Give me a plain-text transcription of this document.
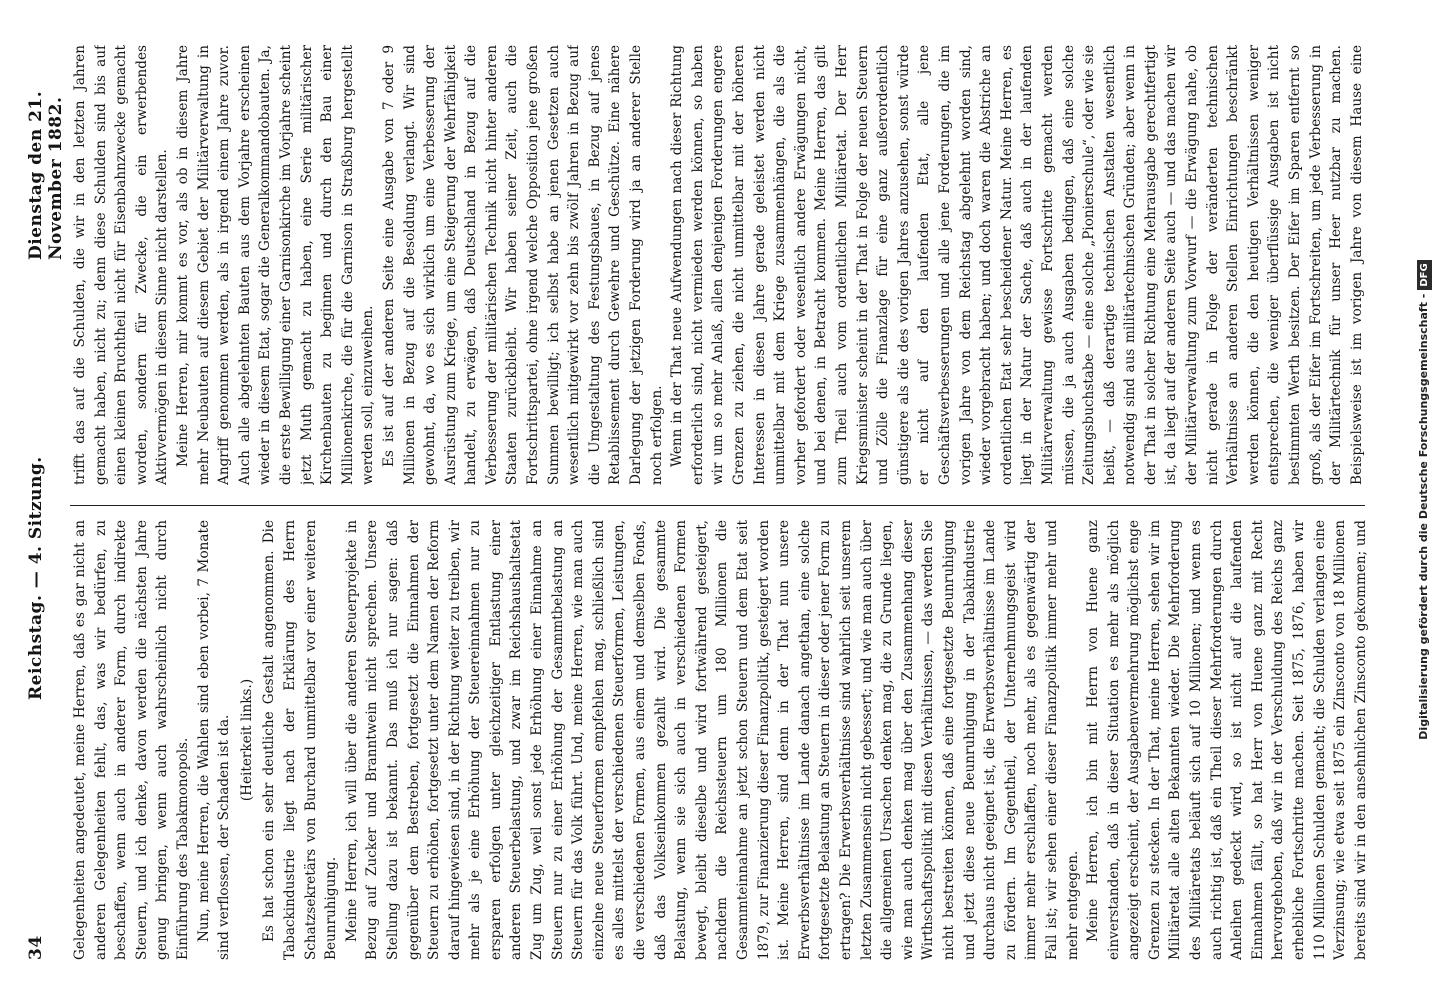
34
Reichstag. — 4. Sitzung.
Dienstag den 21. November 1882.

Gelegenheiten angedeutet, meine Herren, daß es gar nicht an anderen Gelegenheiten fehlt, das, was wir bedürfen, zu beschaffen, wenn auch in anderer Form, durch indirekte Steuern, und ich denke, davon werden die nächsten Jahre genug bringen, wenn auch wahrscheinlich nicht durch Einführung des Tabakmonopols. Nun, meine Herren, die Wahlen sind eben vorbei, 7 Monate sind verflossen, der Schaden ist da. (Heiterkeit links.) Es hat schon ein sehr deutliche Gestalt angenommen. Die Tabackindustrie liegt nach der Erklärung des Herrn Schatzsekretärs von Burchard unmittelbar vor einer weiteren Beunruhigung. Meine Herren, ich will über die anderen Steuerprojekte in Bezug auf Zucker und Branntwein nicht sprechen. Unsere Stellung dazu ist bekannt. Das muß ich nur sagen: daß gegenüber dem Bestreben, fortgesetzt die Einnahmen der Steuern zu erhöhen, fortgesetzt unter dem Namen der Reform darauf hingewiesen sind, in der Richtung weiter zu treiben, wir mehr als je eine Erhöhung der Steuereinnahmen nur zu ersparen erfolgen unter gleichzeitiger Entlastung einer anderen Steuerbelastung, und zwar im Reichshaushaltsetat Zug um Zug, weil sonst jede Erhöhung einer Einnahme an Steuern nur zu einer Erhöhung der Gesammtbelastung an Steuern für das Volk führt. Und, meine Herren, wie man auch einzelne neue Steuerformen empfehlen mag, schließlich sind es alles mittelst der verschiedenen Steuerformen, Leistungen, die verschiedenen Formen, aus einem und demselben Fonds, daß das Volkseinkommen gezahlt wird. Die gesammte Belastung, wenn sie sich auch in verschiedenen Formen bewegt, bleibt dieselbe und wird fortwährend gesteigert, nachdem die Reichssteuern um 180 Millionen die Gesammteinnahme an jetzt schon Steuern und dem Etat seit 1879, zur Finanzierung dieser Finanzpolitik, gesteigert worden ist. Meine Herren, sind denn in der That nun unsere Erwerbsverhältnisse im Lande danach angethan, eine solche fortgesetzte Belastung an Steuern in dieser oder jener Form zu ertragen? Die Erwerbsverhältnisse sind wahrlich seit unserem letzten Zusammensein nicht gebessert; und wie man auch über die allgemeinen Ursachen denken mag, die zu Grunde liegen, wie man auch denken mag über den Zusammenhang dieser Wirthschaftspolitik mit diesen Verhältnissen, — das werden Sie nicht bestreiten können, daß eine fortgesetzte Beunruhigung und jetzt diese neue Beunruhigung in der Tabakindustrie durchaus nicht geeignet ist, die Erwerbsverhältnisse im Lande zu fördern. Im Gegentheil, der Unternehmungsgeist wird immer mehr erschlaffen, noch mehr, als es gegenwärtig der Fall ist; wir sehen einer dieser Finanzpolitik immer mehr und mehr entgegen. Meine Herren, ich bin mit Herrn von Huene ganz einverstanden, daß in dieser Situation es mehr als möglich angezeigt erscheint, der Ausgabenvermehrung möglichst enge Grenzen zu stecken. In der That, meine Herren, sehen wir im Militäretat alle alten Bekannten wieder. Die Mehrforderung des Militäretats beläuft sich auf 10 Millionen; und wenn es auch richtig ist, daß ein Theil dieser Mehrforderungen durch Anleihen gedeckt wird, so ist nicht auf die laufenden Einnahmen fällt, so hat Herr von Huene ganz mit Recht hervorgehoben, daß wir in der Verschuldung des Reichs ganz erhebliche Fortschritte machen. Seit 1875, 1876, haben wir 110 Millionen Schulden gemacht; die Schulden verlangen eine Verzinsung; wie etwa seit 1875 ein Zinsconto von 18 Millionen bereits sind wir in den ansehnlichen Zinsconto gekommen; und

trifft das auf die Schulden, die wir in den letzten Jahren gemacht haben, nicht zu; denn diese Schulden sind bis auf einen kleinen Bruchtheil nicht für Eisenbahnzwecke gemacht worden, sondern für Zwecke, die ein erwerbendes Aktivvermögen in diesem Sinne nicht darstellen. Meine Herren, mir kommt es vor, als ob in diesem Jahre mehr Neubauten auf diesem Gebiet der Militärverwaltung in Angriff genommen werden, als in irgend einem Jahre zuvor. Auch alle abgelehnten Bauten aus dem Vorjahre erscheinen wieder in diesem Etat, sogar die Generalkommandobauten. Ja, die erste Bewilligung einer Garnisonkirche im Vorjahre scheint jetzt Muth gemacht zu haben, eine Serie militärischer Kirchenbauten zu beginnen und durch den Bau einer Millionenkirche, die für die Garnison in Straßburg hergestellt werden soll, einzuweihen. Es ist auf der anderen Seite eine Ausgabe von 7 oder 9 Millionen in Bezug auf die Besoldung verlangt. Wir sind gewohnt, da, wo es sich wirklich um eine Verbesserung der Ausrüstung zum Kriege, um eine Steigerung der Wehrfähigkeit handelt, zu erwägen, daß Deutschland in Bezug auf die Verbesserung der militärischen Technik nicht hinter anderen Staaten zurückbleibt. Wir haben seiner Zeit, auch die Fortschrittspartei, ohne irgend welche Opposition jene großen Summen bewilligt; ich selbst habe an jenen Gesetzen auch wesentlich mitgewirkt vor zehn bis zwölf Jahren in Bezug auf die Umgestaltung des Festungsbaues, in Bezug auf jenes Retablissement durch Gewehre und Geschütze. Eine nähere Darlegung der jetzigen Forderung wird ja an anderer Stelle noch erfolgen. Wenn in der That neue Aufwendungen nach dieser Richtung erforderlich sind, nicht vermieden werden können, so haben wir um so mehr Anlaß, allen denjenigen Forderungen engere Grenzen zu ziehen, die nicht unmittelbar mit der höheren Interessen in diesen Jahre gerade geleistet werden nicht unmittelbar mit dem Kriege zusammenhängen, die als die vorher gefordert oder wesentlich andere Erwägungen nicht, und bei denen, in Betracht kommen. Meine Herren, das gilt zum Theil auch vom ordentlichen Militäretat. Der Herr Kriegsminister scheint in der That in Folge der neuen Steuern und Zölle die Finanzlage für eine ganz außerordentlich günstigere als die des vorigen Jahres anzusehen, sonst würde er nicht auf den laufenden Etat, alle jene Geschäftsverbesserungen und alle jene Forderungen, die im vorigen Jahre von dem Reichstag abgelehnt worden sind, wieder vorgebracht haben; und doch waren die Abstriche an ordentlichen Etat sehr bescheidener Natur. Meine Herren, es liegt in der Natur der Sache, daß auch in der laufenden Militärverwaltung gewisse Fortschritte gemacht werden müssen, die ja auch Ausgaben bedingen, daß eine solche Zeitungsbuchstabe — eine solche „Pionierschule“, oder wie sie heißt, — daß derartige technischen Anstalten wesentlich notwendig sind aus militärtechnischen Gründen; aber wenn in der That in solcher Richtung eine Mehrausgabe gerechtfertigt ist, da liegt auf der anderen Seite auch — und das machen wir der Militärverwaltung zum Vorwurf — die Erwägung nahe, ob nicht gerade in Folge der veränderten technischen Verhältnisse an anderen Stellen Einrichtungen beschränkt werden können, die den heutigen Verhältnissen weniger entsprechen, die weniger überflüssige Ausgaben ist nicht bestimmten Werth besitzen. Der Eifer im Sparen entfernt so groß, als der Eifer im Fortschreiten, um jede Verbesserung in der Militärtechnik für unser Heer nutzbar zu machen. Beispielsweise ist im vorigen Jahre von diesem Hause eine

Digitalisierung gefördert durch die Deutsche Forschungsgemeinschaft -DFG
